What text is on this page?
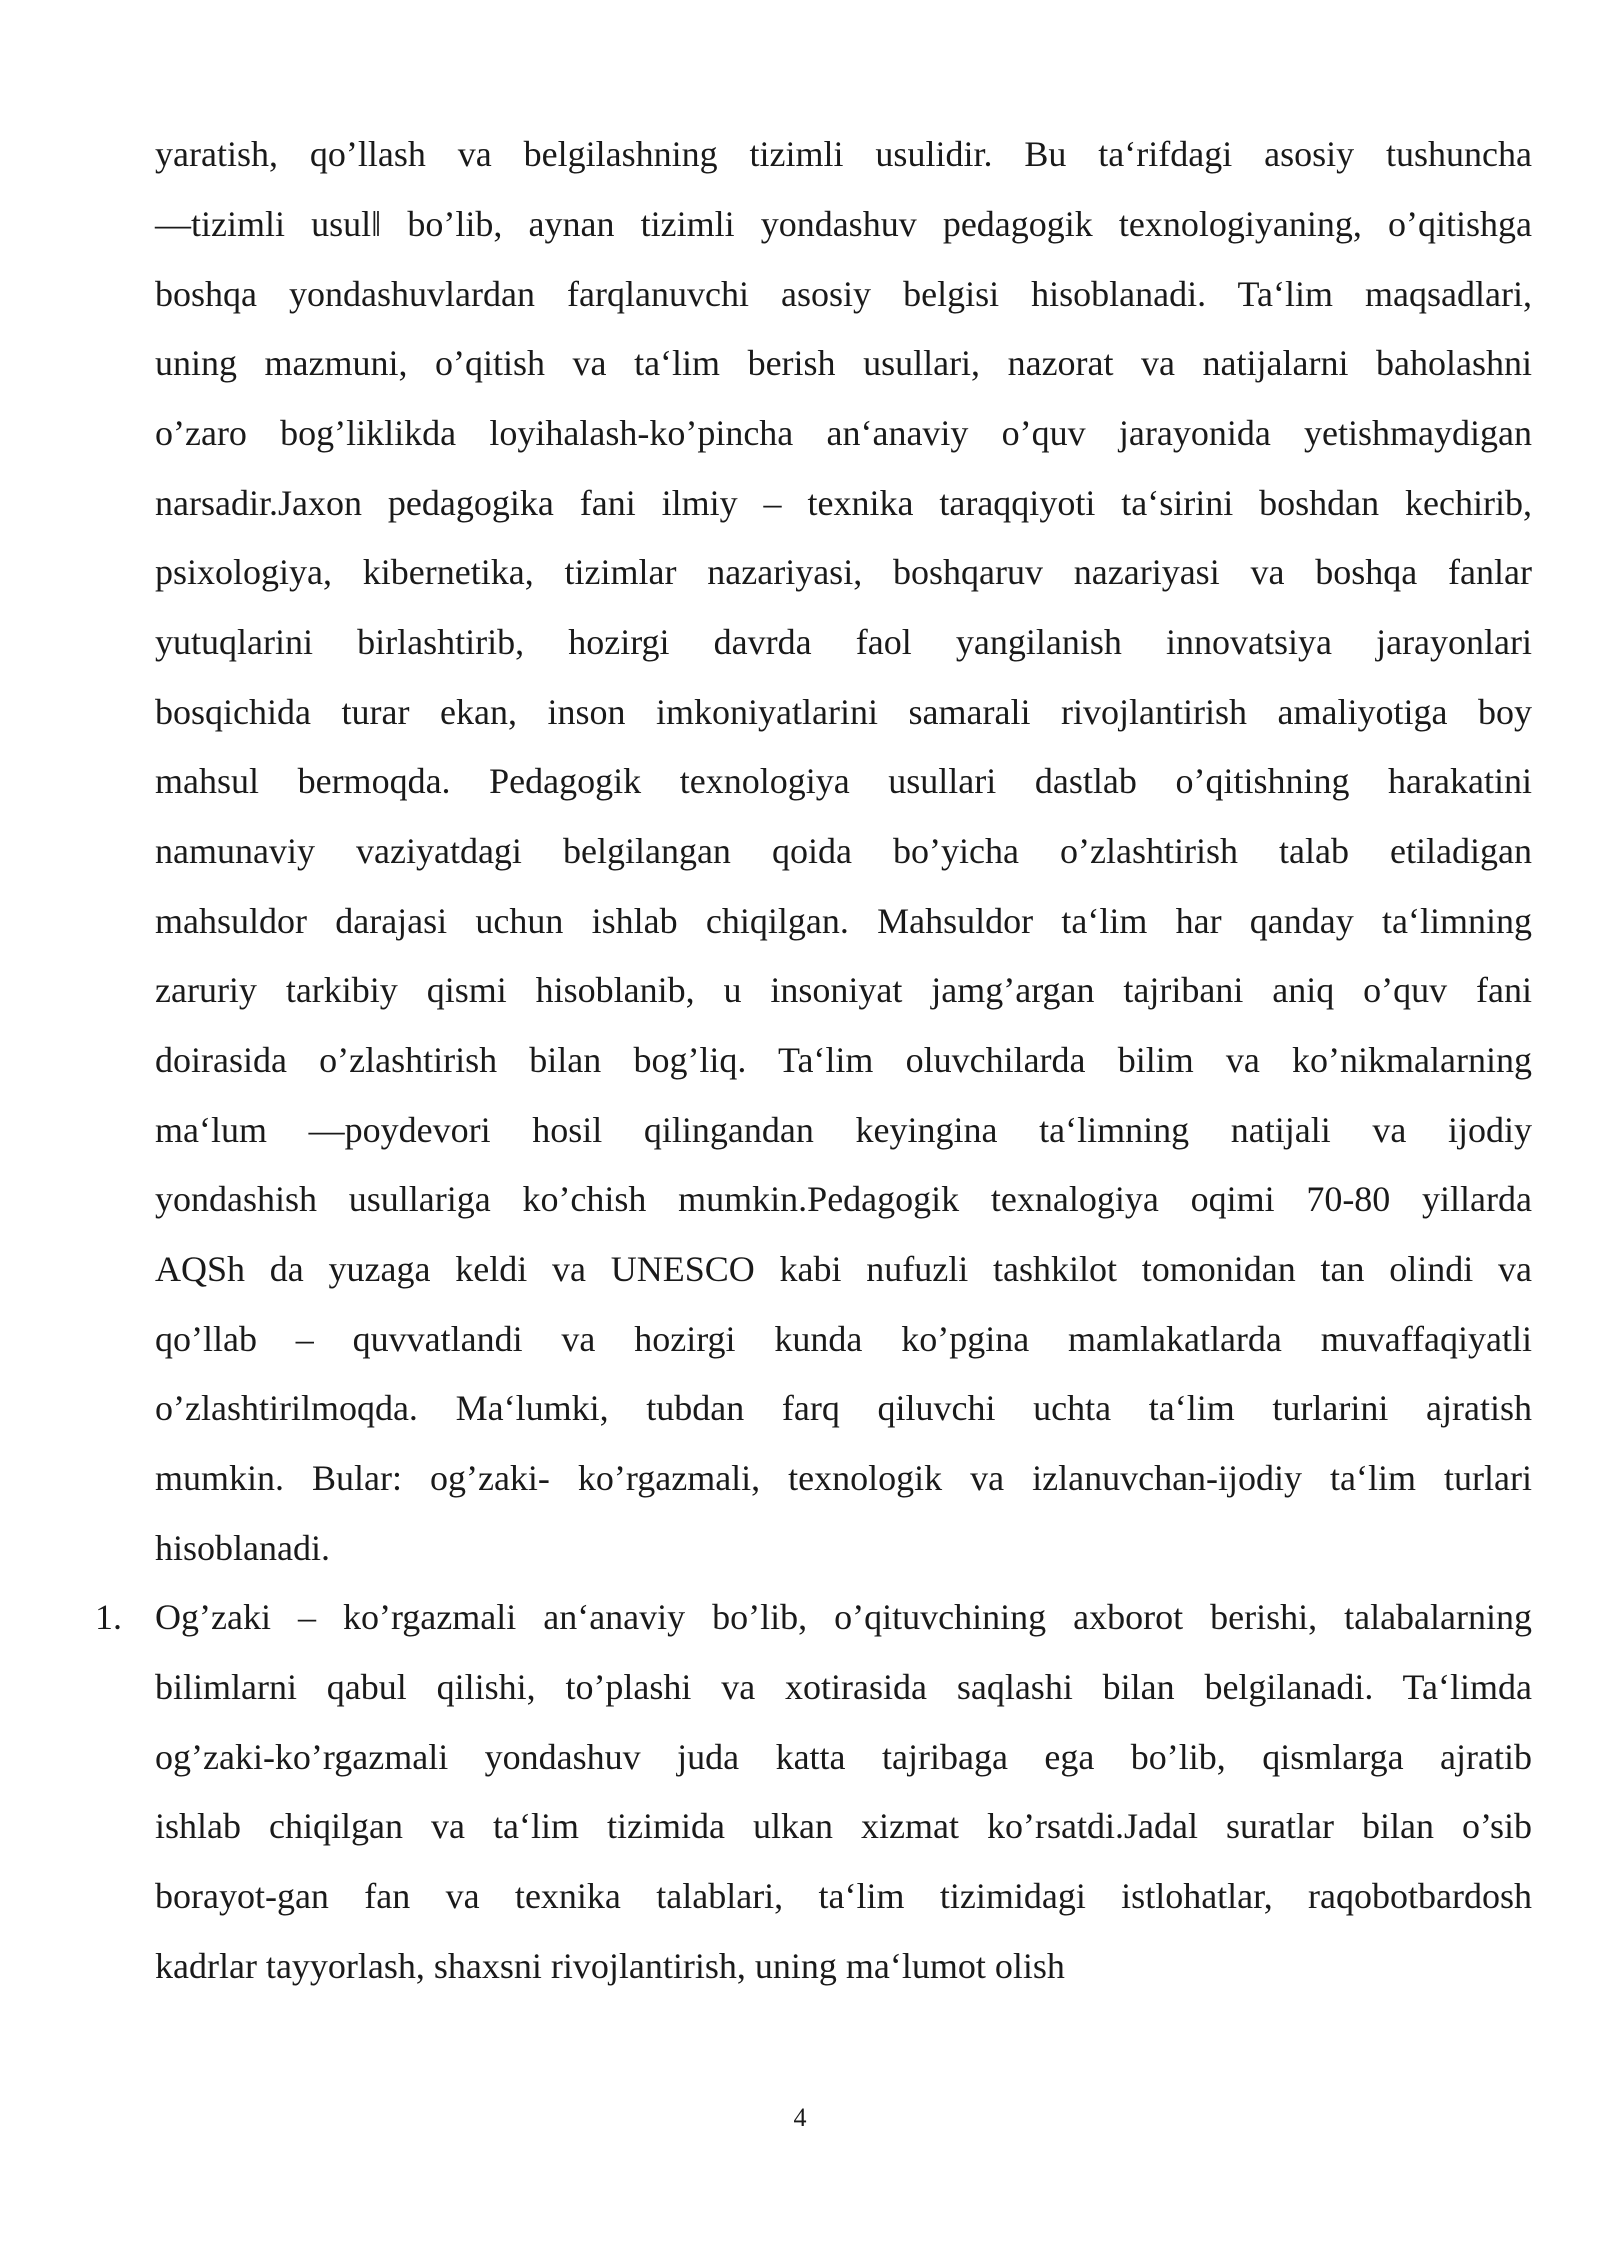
yaratish, qo’llash va belgilashning tizimli usulidir. Bu ta‘rifdagi asosiy tushuncha
—tizimli usul‖ bo’lib, aynan tizimli yondashuv pedagogik texnologiyaning, o’qitishga
boshqa yondashuvlardan farqlanuvchi asosiy belgisi hisoblanadi. Ta‘lim maqsadlari,
uning mazmuni, o’qitish va ta‘lim berish usullari, nazorat va natijalarni baholashni
o’zaro bog’liklikda loyihalash-ko’pincha an‘anaviy o’quv jarayonida yetishmaydigan
narsadir.Jaxon pedagogika fani ilmiy – texnika taraqqiyoti ta‘sirini boshdan kechirib,
psixologiya, kibernetika, tizimlar nazariyasi, boshqaruv nazariyasi va boshqa fanlar
yutuqlarini birlashtirib, hozirgi davrda faol yangilanish innovatsiya jarayonlari
bosqichida turar ekan, inson imkoniyatlarini samarali rivojlantirish amaliyotiga boy
mahsul bermoqda. Pedagogik texnologiya usullari dastlab o’qitishning harakatini
namunaviy vaziyatdagi belgilangan qoida bo’yicha o’zlashtirish talab etiladigan
mahsuldor darajasi uchun ishlab chiqilgan. Mahsuldor ta‘lim har qanday ta‘limning
zaruriy tarkibiy qismi hisoblanib, u insoniyat jamg’argan tajribani aniq o’quv fani
doirasida o’zlashtirish bilan bog’liq. Ta‘lim oluvchilarda bilim va ko’nikmalarning
ma‘lum —poydevori hosil qilingandan keyingina ta‘limning natijali va ijodiy
yondashish usullariga ko’chish mumkin.Pedagogik texnalogiya oqimi 70-80 yillarda
AQSh da yuzaga keldi va UNESCO kabi nufuzli tashkilot tomonidan tan olindi va
qo’llab – quvvatlandi va hozirgi kunda ko’pgina mamlakatlarda muvaffaqiyatli
o’zlashtirilmoqda. Ma‘lumki, tubdan farq qiluvchi uchta ta‘lim turlarini ajratish
mumkin. Bular: og’zaki- ko’rgazmali, texnologik va izlanuvchan-ijodiy ta‘lim turlari
hisoblanadi.
1. Og’zaki – ko’rgazmali an‘anaviy bo’lib, o’qituvchining axborot berishi, talabalarning
bilimlarni qabul qilishi, to’plashi va xotirasida saqlashi bilan belgilanadi. Ta‘limda
og’zaki-ko’rgazmali yondashuv juda katta tajribaga ega bo’lib, qismlarga ajratib
ishlab chiqilgan va ta‘lim tizimida ulkan xizmat ko’rsatdi.Jadal suratlar bilan o’sib
borayot-gan fan va texnika talablari, ta‘lim tizimidagi istlohatlar, raqobotbardosh
kadrlar tayyorlash, shaxsni rivojlantirish, uning ma‘lumot olish
4
